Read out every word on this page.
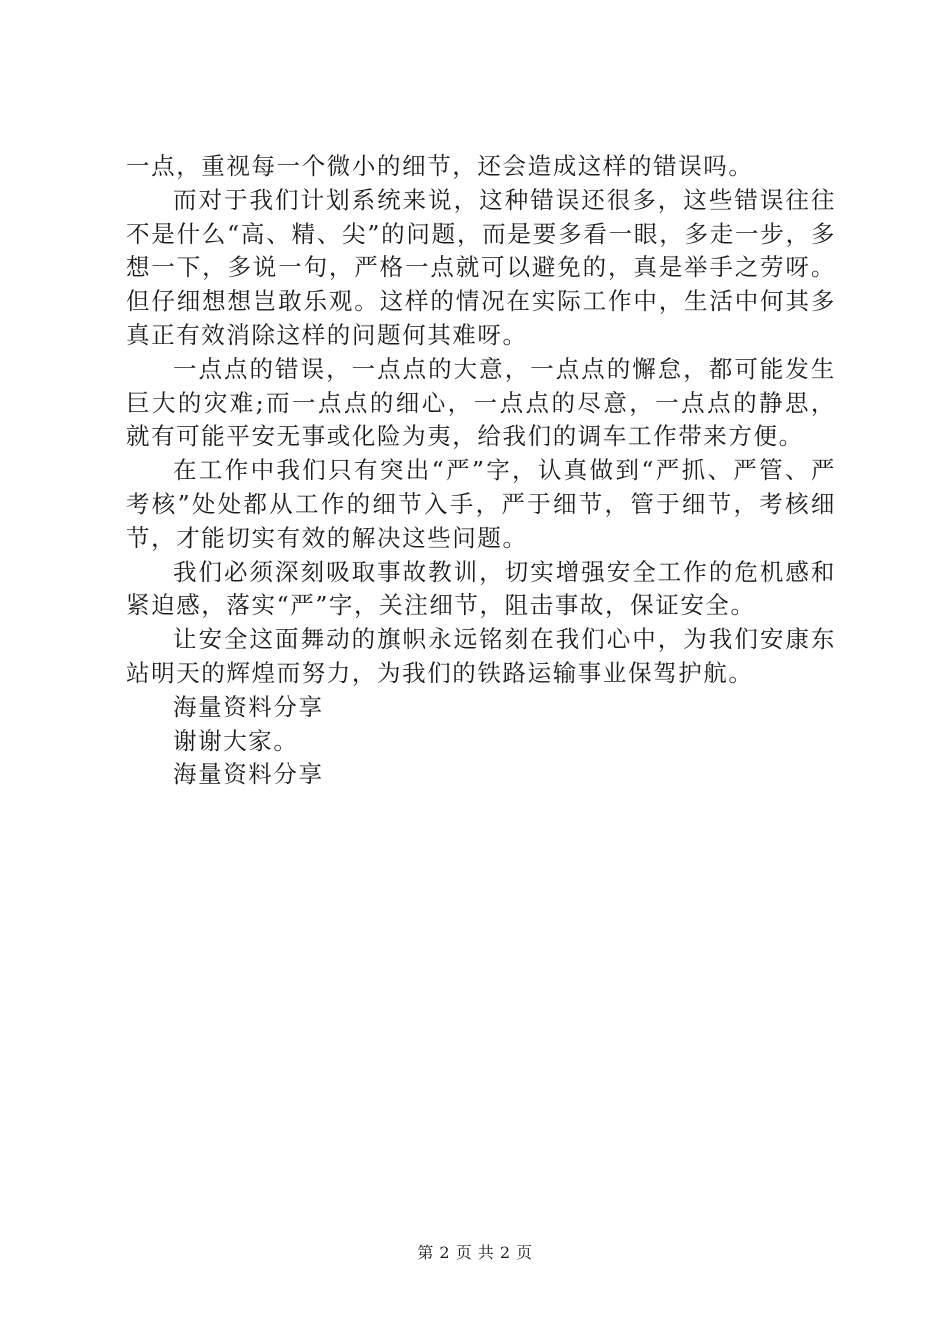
一点，重视每一个微小的细节，还会造成这样的错误吗。

而对于我们计划系统来说，这种错误还很多，这些错误往往不是什么“高、精、尖”的问题，而是要多看一眼，多走一步，多想一下，多说一句，严格一点就可以避免的，真是举手之劳呀。但仔细想想岂敢乐观。这样的情况在实际工作中，生活中何其多真正有效消除这样的问题何其难呀。

一点点的错误，一点点的大意，一点点的懈怠，都可能发生巨大的灾难;而一点点的细心，一点点的尽意，一点点的静思，就有可能平安无事或化险为夷，给我们的调车工作带来方便。

在工作中我们只有突出“严”字，认真做到“严抓、严管、严考核”处处都从工作的细节入手，严于细节，管于细节，考核细节，才能切实有效的解决这些问题。

我们必须深刻吸取事故教训，切实增强安全工作的危机感和紧迫感，落实“严”字，关注细节，阻击事故，保证安全。

让安全这面舞动的旗帜永远铭刻在我们心中，为我们安康东站明天的辉煌而努力，为我们的铁路运输事业保驾护航。

海量资料分享

谢谢大家。

海量资料分享

第 2 页 共 2 页
